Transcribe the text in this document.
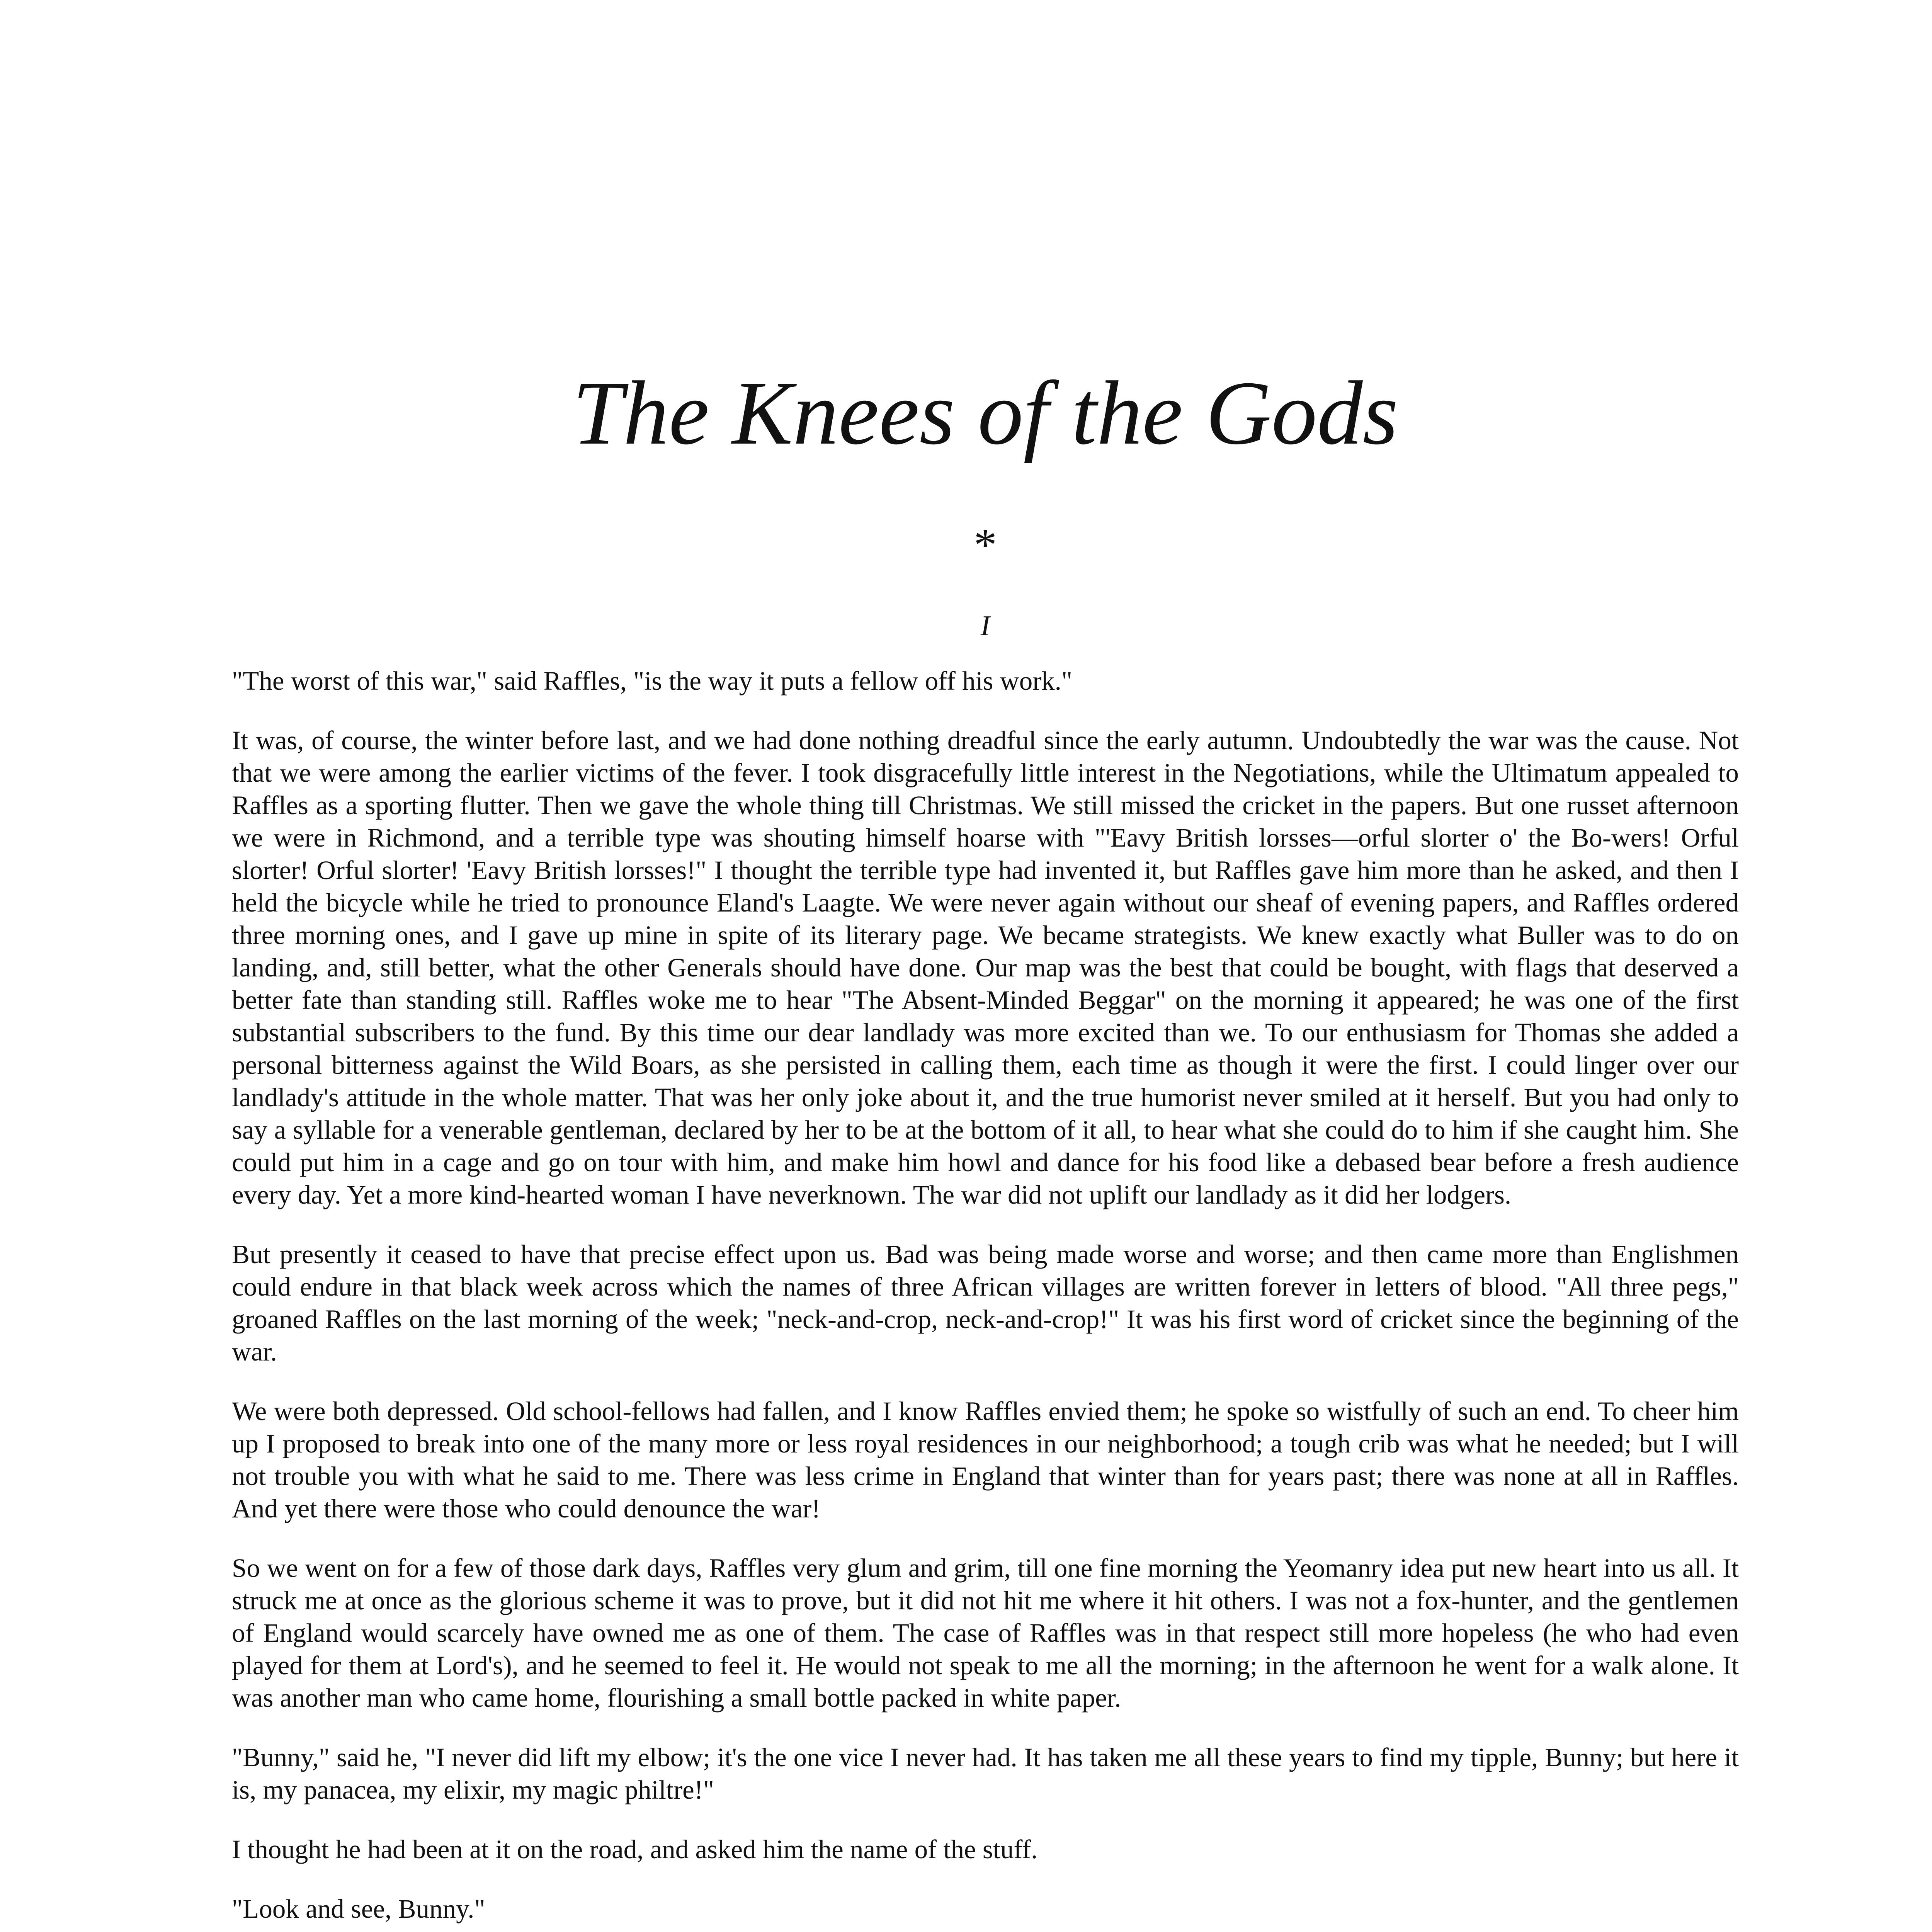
The Knees of the Gods
*
I

"The worst of this war," said Raffles, "is the way it puts a fellow off his work."

It was, of course, the winter before last, and we had done nothing dreadful since the early autumn. Undoubtedly the war was the cause. Not that we were among the earlier victims of the fever. I took disgracefully little interest in the Negotiations, while the Ultimatum appealed to Raffles as a sporting flutter. Then we gave the whole thing till Christmas. We still missed the cricket in the papers. But one russet afternoon we were in Richmond, and a terrible type was shouting himself hoarse with "'Eavy British lorsses—orful slorter o' the Bo-wers! Orful slorter! Orful slorter! 'Eavy British lorsses!" I thought the terrible type had invented it, but Raffles gave him more than he asked, and then I held the bicycle while he tried to pronounce Eland's Laagte. We were never again without our sheaf of evening papers, and Raffles ordered three morning ones, and I gave up mine in spite of its literary page. We became strategists. We knew exactly what Buller was to do on landing, and, still better, what the other Generals should have done. Our map was the best that could be bought, with flags that deserved a better fate than standing still. Raffles woke me to hear "The Absent-Minded Beggar" on the morning it appeared; he was one of the first substantial subscribers to the fund. By this time our dear landlady was more excited than we. To our enthusiasm for Thomas she added a personal bitterness against the Wild Boars, as she persisted in calling them, each time as though it were the first. I could linger over our landlady's attitude in the whole matter. That was her only joke about it, and the true humorist never smiled at it herself. But you had only to say a syllable for a venerable gentleman, declared by her to be at the bottom of it all, to hear what she could do to him if she caught him. She could put him in a cage and go on tour with him, and make him howl and dance for his food like a debased bear before a fresh audience every day. Yet a more kind-hearted woman I have neverknown. The war did not uplift our landlady as it did her lodgers.

But presently it ceased to have that precise effect upon us. Bad was being made worse and worse; and then came more than Englishmen could endure in that black week across which the names of three African villages are written forever in letters of blood. "All three pegs," groaned Raffles on the last morning of the week; "neck-and-crop, neck-and-crop!" It was his first word of cricket since the beginning of the war.

We were both depressed. Old school-fellows had fallen, and I know Raffles envied them; he spoke so wistfully of such an end. To cheer him up I proposed to break into one of the many more or less royal residences in our neighborhood; a tough crib was what he needed; but I will not trouble you with what he said to me. There was less crime in England that winter than for years past; there was none at all in Raffles. And yet there were those who could denounce the war!

So we went on for a few of those dark days, Raffles very glum and grim, till one fine morning the Yeomanry idea put new heart into us all. It struck me at once as the glorious scheme it was to prove, but it did not hit me where it hit others. I was not a fox-hunter, and the gentlemen of England would scarcely have owned me as one of them. The case of Raffles was in that respect still more hopeless (he who had even played for them at Lord's), and he seemed to feel it. He would not speak to me all the morning; in the afternoon he went for a walk alone. It was another man who came home, flourishing a small bottle packed in white paper.

"Bunny," said he, "I never did lift my elbow; it's the one vice I never had. It has taken me all these years to find my tipple, Bunny; but here it is, my panacea, my elixir, my magic philtre!"

I thought he had been at it on the road, and asked him the name of the stuff.

"Look and see, Bunny."
